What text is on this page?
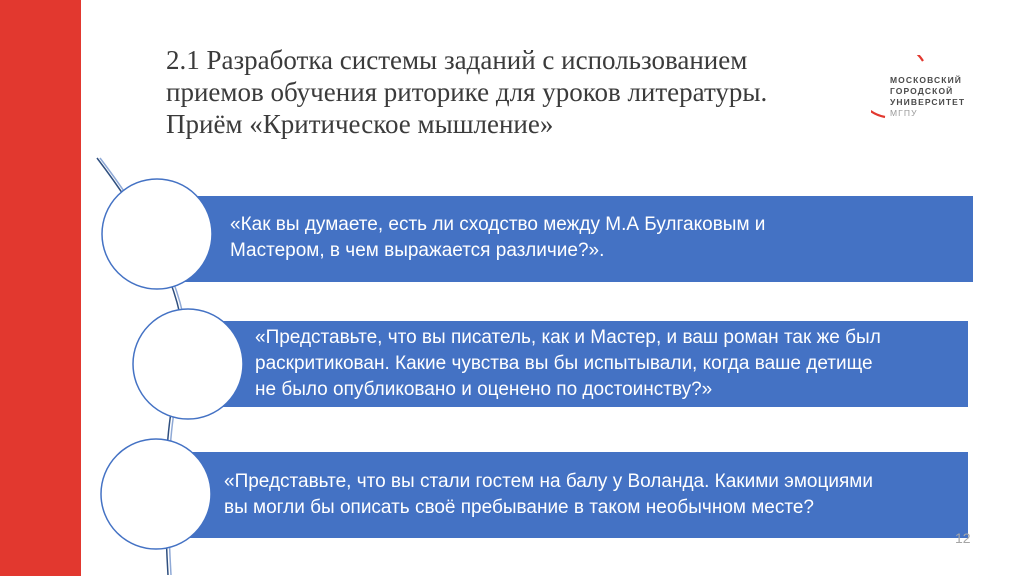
2.1 Разработка системы заданий с использованием
приемов обучения риторике для уроков литературы.
Приём «Критическое мышление»
МОСКОВСКИЙ
ГОРОДСКОЙ
УНИВЕРСИТЕТ
МГПУ
«Как вы думаете, есть ли сходство между М.А Булгаковым и
Мастером, в чем выражается различие?».
«Представьте, что вы писатель, как и Мастер, и ваш роман так же был
раскритикован. Какие чувства вы бы испытывали, когда ваше детище
не было опубликовано и оценено по достоинству?»
«Представьте, что вы стали гостем на балу у Воланда. Какими эмоциями
вы могли бы описать своё пребывание в таком необычном месте?
12
